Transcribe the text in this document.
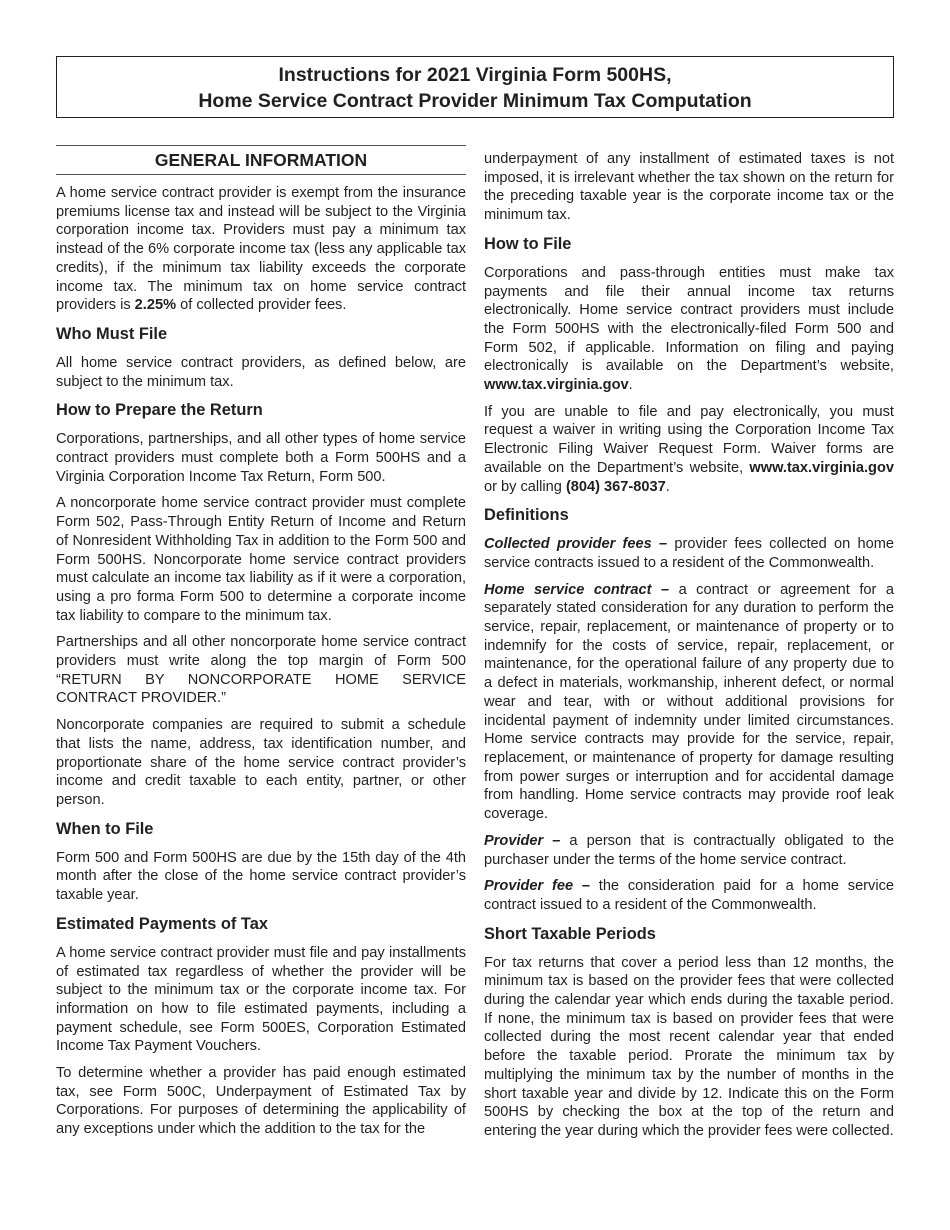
Instructions for 2021 Virginia Form 500HS,
Home Service Contract Provider Minimum Tax Computation
GENERAL INFORMATION

A home service contract provider is exempt from the insurance premiums license tax and instead will be subject to the Virginia corporation income tax. Providers must pay a minimum tax instead of the 6% corporate income tax (less any applicable tax credits), if the minimum tax liability exceeds the corporate income tax. The minimum tax on home service contract providers is 2.25% of collected provider fees.

Who Must File

All home service contract providers, as defined below, are subject to the minimum tax.

How to Prepare the Return

Corporations, partnerships, and all other types of home service contract providers must complete both a Form 500HS and a Virginia Corporation Income Tax Return, Form 500.

A noncorporate home service contract provider must complete Form 502, Pass-Through Entity Return of Income and Return of Nonresident Withholding Tax in addition to the Form 500 and Form 500HS. Noncorporate home service contract providers must calculate an income tax liability as if it were a corporation, using a pro forma Form 500 to determine a corporate income tax liability to compare to the minimum tax.

Partnerships and all other noncorporate home service contract providers must write along the top margin of Form 500 “RETURN BY NONCORPORATE HOME SERVICE CONTRACT PROVIDER.”

Noncorporate companies are required to submit a schedule that lists the name, address, tax identification number, and proportionate share of the home service contract provider’s income and credit taxable to each entity, partner, or other person.

When to File

Form 500 and Form 500HS are due by the 15th day of the 4th month after the close of the home service contract provider’s taxable year.

Estimated Payments of Tax

A home service contract provider must file and pay installments of estimated tax regardless of whether the provider will be subject to the minimum tax or the corporate income tax. For information on how to file estimated payments, including a payment schedule, see Form 500ES, Corporation Estimated Income Tax Payment Vouchers.

To determine whether a provider has paid enough estimated tax, see Form 500C, Underpayment of Estimated Tax by Corporations. For purposes of determining the applicability of any exceptions under which the addition to the tax for the

underpayment of any installment of estimated taxes is not imposed, it is irrelevant whether the tax shown on the return for the preceding taxable year is the corporate income tax or the minimum tax.

How to File

Corporations and pass-through entities must make tax payments and file their annual income tax returns electronically. Home service contract providers must include the Form 500HS with the electronically-filed Form 500 and Form 502, if applicable. Information on filing and paying electronically is available on the Department’s website, www.tax.virginia.gov.

If you are unable to file and pay electronically, you must request a waiver in writing using the Corporation Income Tax Electronic Filing Waiver Request Form. Waiver forms are available on the Department’s website, www.tax.virginia.gov or by calling (804) 367-8037.

Definitions

Collected provider fees – provider fees collected on home service contracts issued to a resident of the Commonwealth.

Home service contract – a contract or agreement for a separately stated consideration for any duration to perform the service, repair, replacement, or maintenance of property or to indemnify for the costs of service, repair, replacement, or maintenance, for the operational failure of any property due to a defect in materials, workmanship, inherent defect, or normal wear and tear, with or without additional provisions for incidental payment of indemnity under limited circumstances. Home service contracts may provide for the service, repair, replacement, or maintenance of property for damage resulting from power surges or interruption and for accidental damage from handling. Home service contracts may provide roof leak coverage.

Provider – a person that is contractually obligated to the purchaser under the terms of the home service contract.

Provider fee – the consideration paid for a home service contract issued to a resident of the Commonwealth.

Short Taxable Periods

For tax returns that cover a period less than 12 months, the minimum tax is based on the provider fees that were collected during the calendar year which ends during the taxable period. If none, the minimum tax is based on provider fees that were collected during the most recent calendar year that ended before the taxable period. Prorate the minimum tax by multiplying the minimum tax by the number of months in the short taxable year and divide by 12. Indicate this on the Form 500HS by checking the box at the top of the return and entering the year during which the provider fees were collected.
